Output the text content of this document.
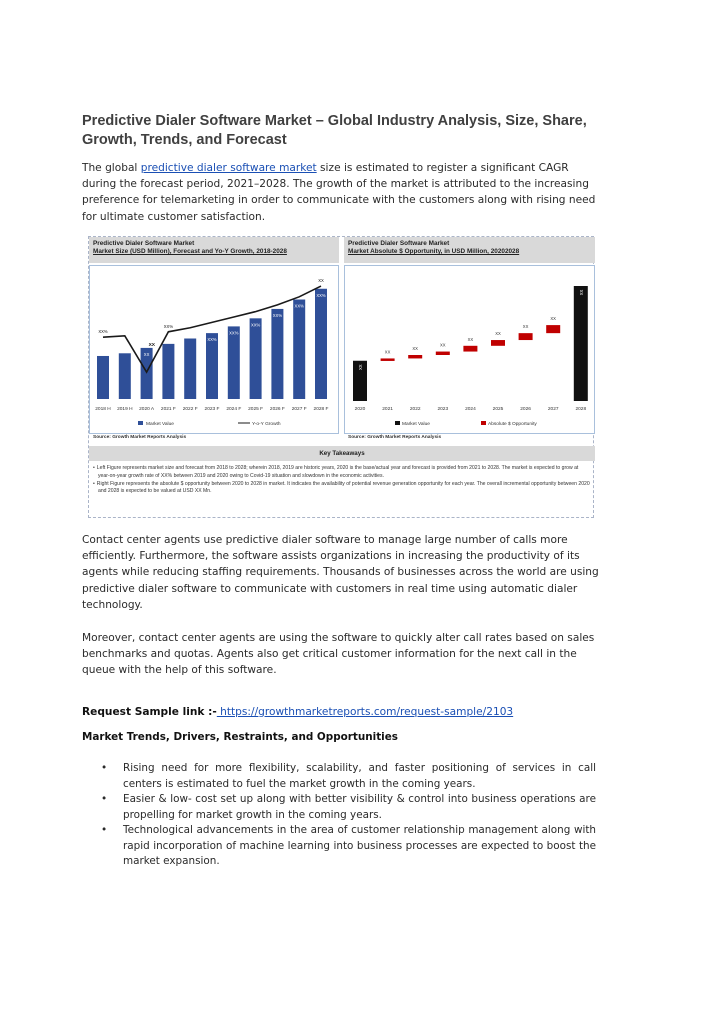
Predictive Dialer Software Market – Global Industry Analysis, Size, Share, Growth, Trends, and Forecast

The global predictive dialer software market size is estimated to register a significant CAGR during the forecast period, 2021–2028. The growth of the market is attributed to the increasing preference for telemarketing in order to communicate with the customers along with rising need for ultimate customer satisfaction.

Predictive Dialer Software Market
Market Size (USD Million), Forecast and Yo-Y Growth, 2018-2028
Predictive Dialer Software Market
Market Absolute $ Opportunity, in USD Million, 20202028
2018 H 2019 H
XX
2020 A 2021 F 2022 F
XX%
2023 F
XX%
2024 F
XX%
2025 F
XX%
2026 F
XX%
2027 F
XX%
2028 F
XX%
XX%
XX
XX
Market Value	Y-o-Y Growth
XX
2020
XX
2021
XX
2022
XX
2023
XX
2024
XX
2025
XX
2026
XX
2027
XX
2028
Market Value	Absolute $ Opportunity
Source: Growth Market Reports Analysis	Source: Growth Market Reports Analysis
Key Takeaways
• Left Figure represents market size and forecast from 2018 to 2028; wherein 2018, 2019 are historic years, 2020 is the base/actual year and forecast is provided from 2021 to 2028. The market is expected to grow at year-on-year growth rate of XX% between 2019 and 2020 owing to Covid-19 situation and slowdown in the economic activities.
• Right Figure represents the absolute $ opportunity between 2020 to 2028 in market. It indicates the availability of potential revenue generation opportunity for each year. The overall incremental opportunity between 2020 and 2028 is expected to be valued at USD XX Mn.

Contact center agents use predictive dialer software to manage large number of calls more efficiently. Furthermore, the software assists organizations in increasing the productivity of its agents while reducing staffing requirements. Thousands of businesses across the world are using predictive dialer software to communicate with customers in real time using automatic dialer technology.

Moreover, contact center agents are using the software to quickly alter call rates based on sales benchmarks and quotas. Agents also get critical customer information for the next call in the queue with the help of this software.

Request Sample link :- https://growthmarketreports.com/request-sample/2103
Market Trends, Drivers, Restraints, and Opportunities
• Rising need for more flexibility, scalability, and faster positioning of services in call centers is estimated to fuel the market growth in the coming years.
• Easier & low- cost set up along with better visibility & control into business operations are propelling for market growth in the coming years.
• Technological advancements in the area of customer relationship management along with rapid incorporation of machine learning into business processes are expected to boost the market expansion.
